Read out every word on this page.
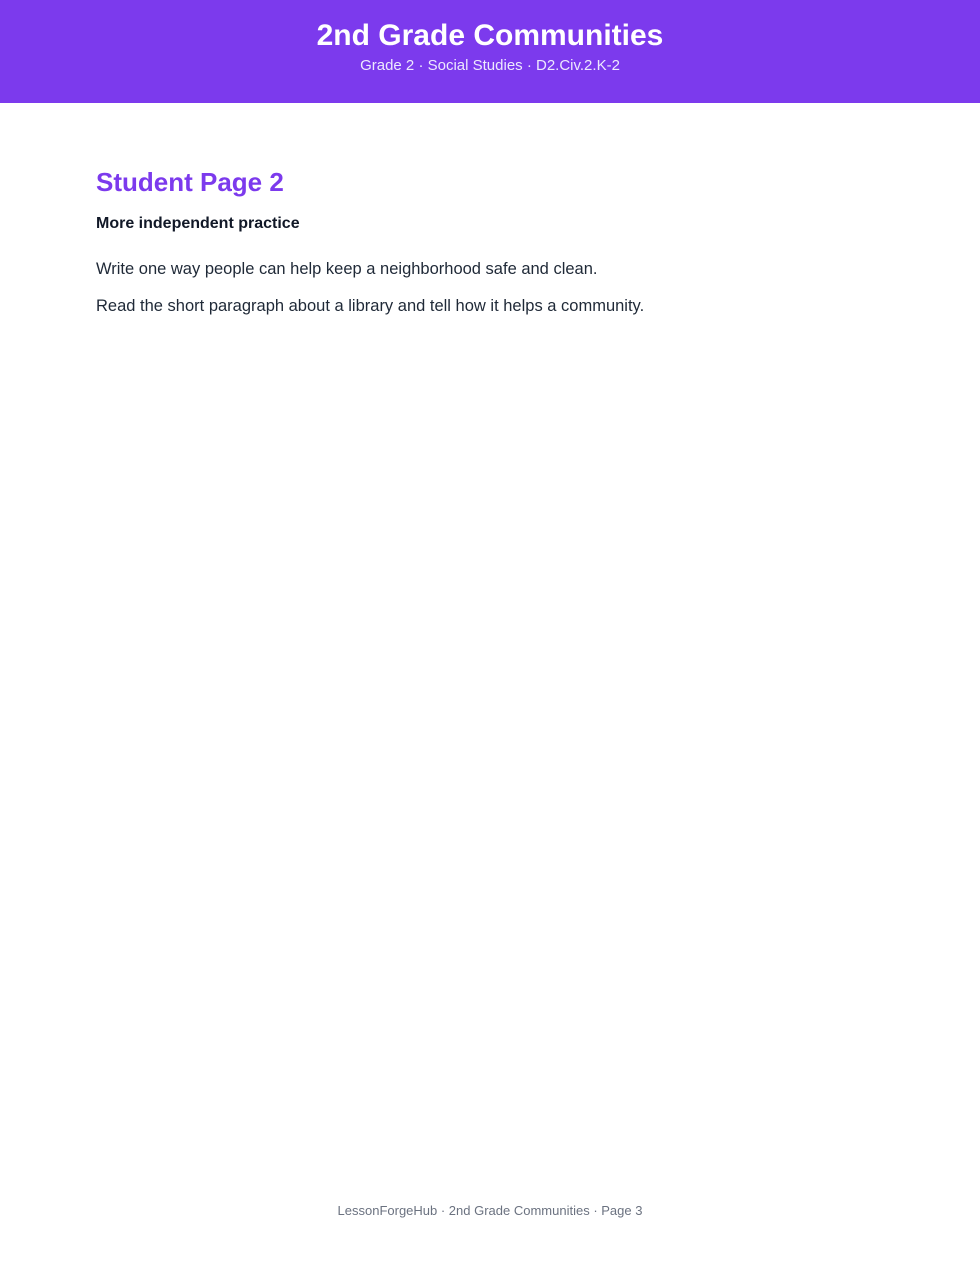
2nd Grade Communities
Grade 2 · Social Studies · D2.Civ.2.K-2
Student Page 2
More independent practice

Write one way people can help keep a neighborhood safe and clean.

Read the short paragraph about a library and tell how it helps a community.

LessonForgeHub · 2nd Grade Communities · Page 3
